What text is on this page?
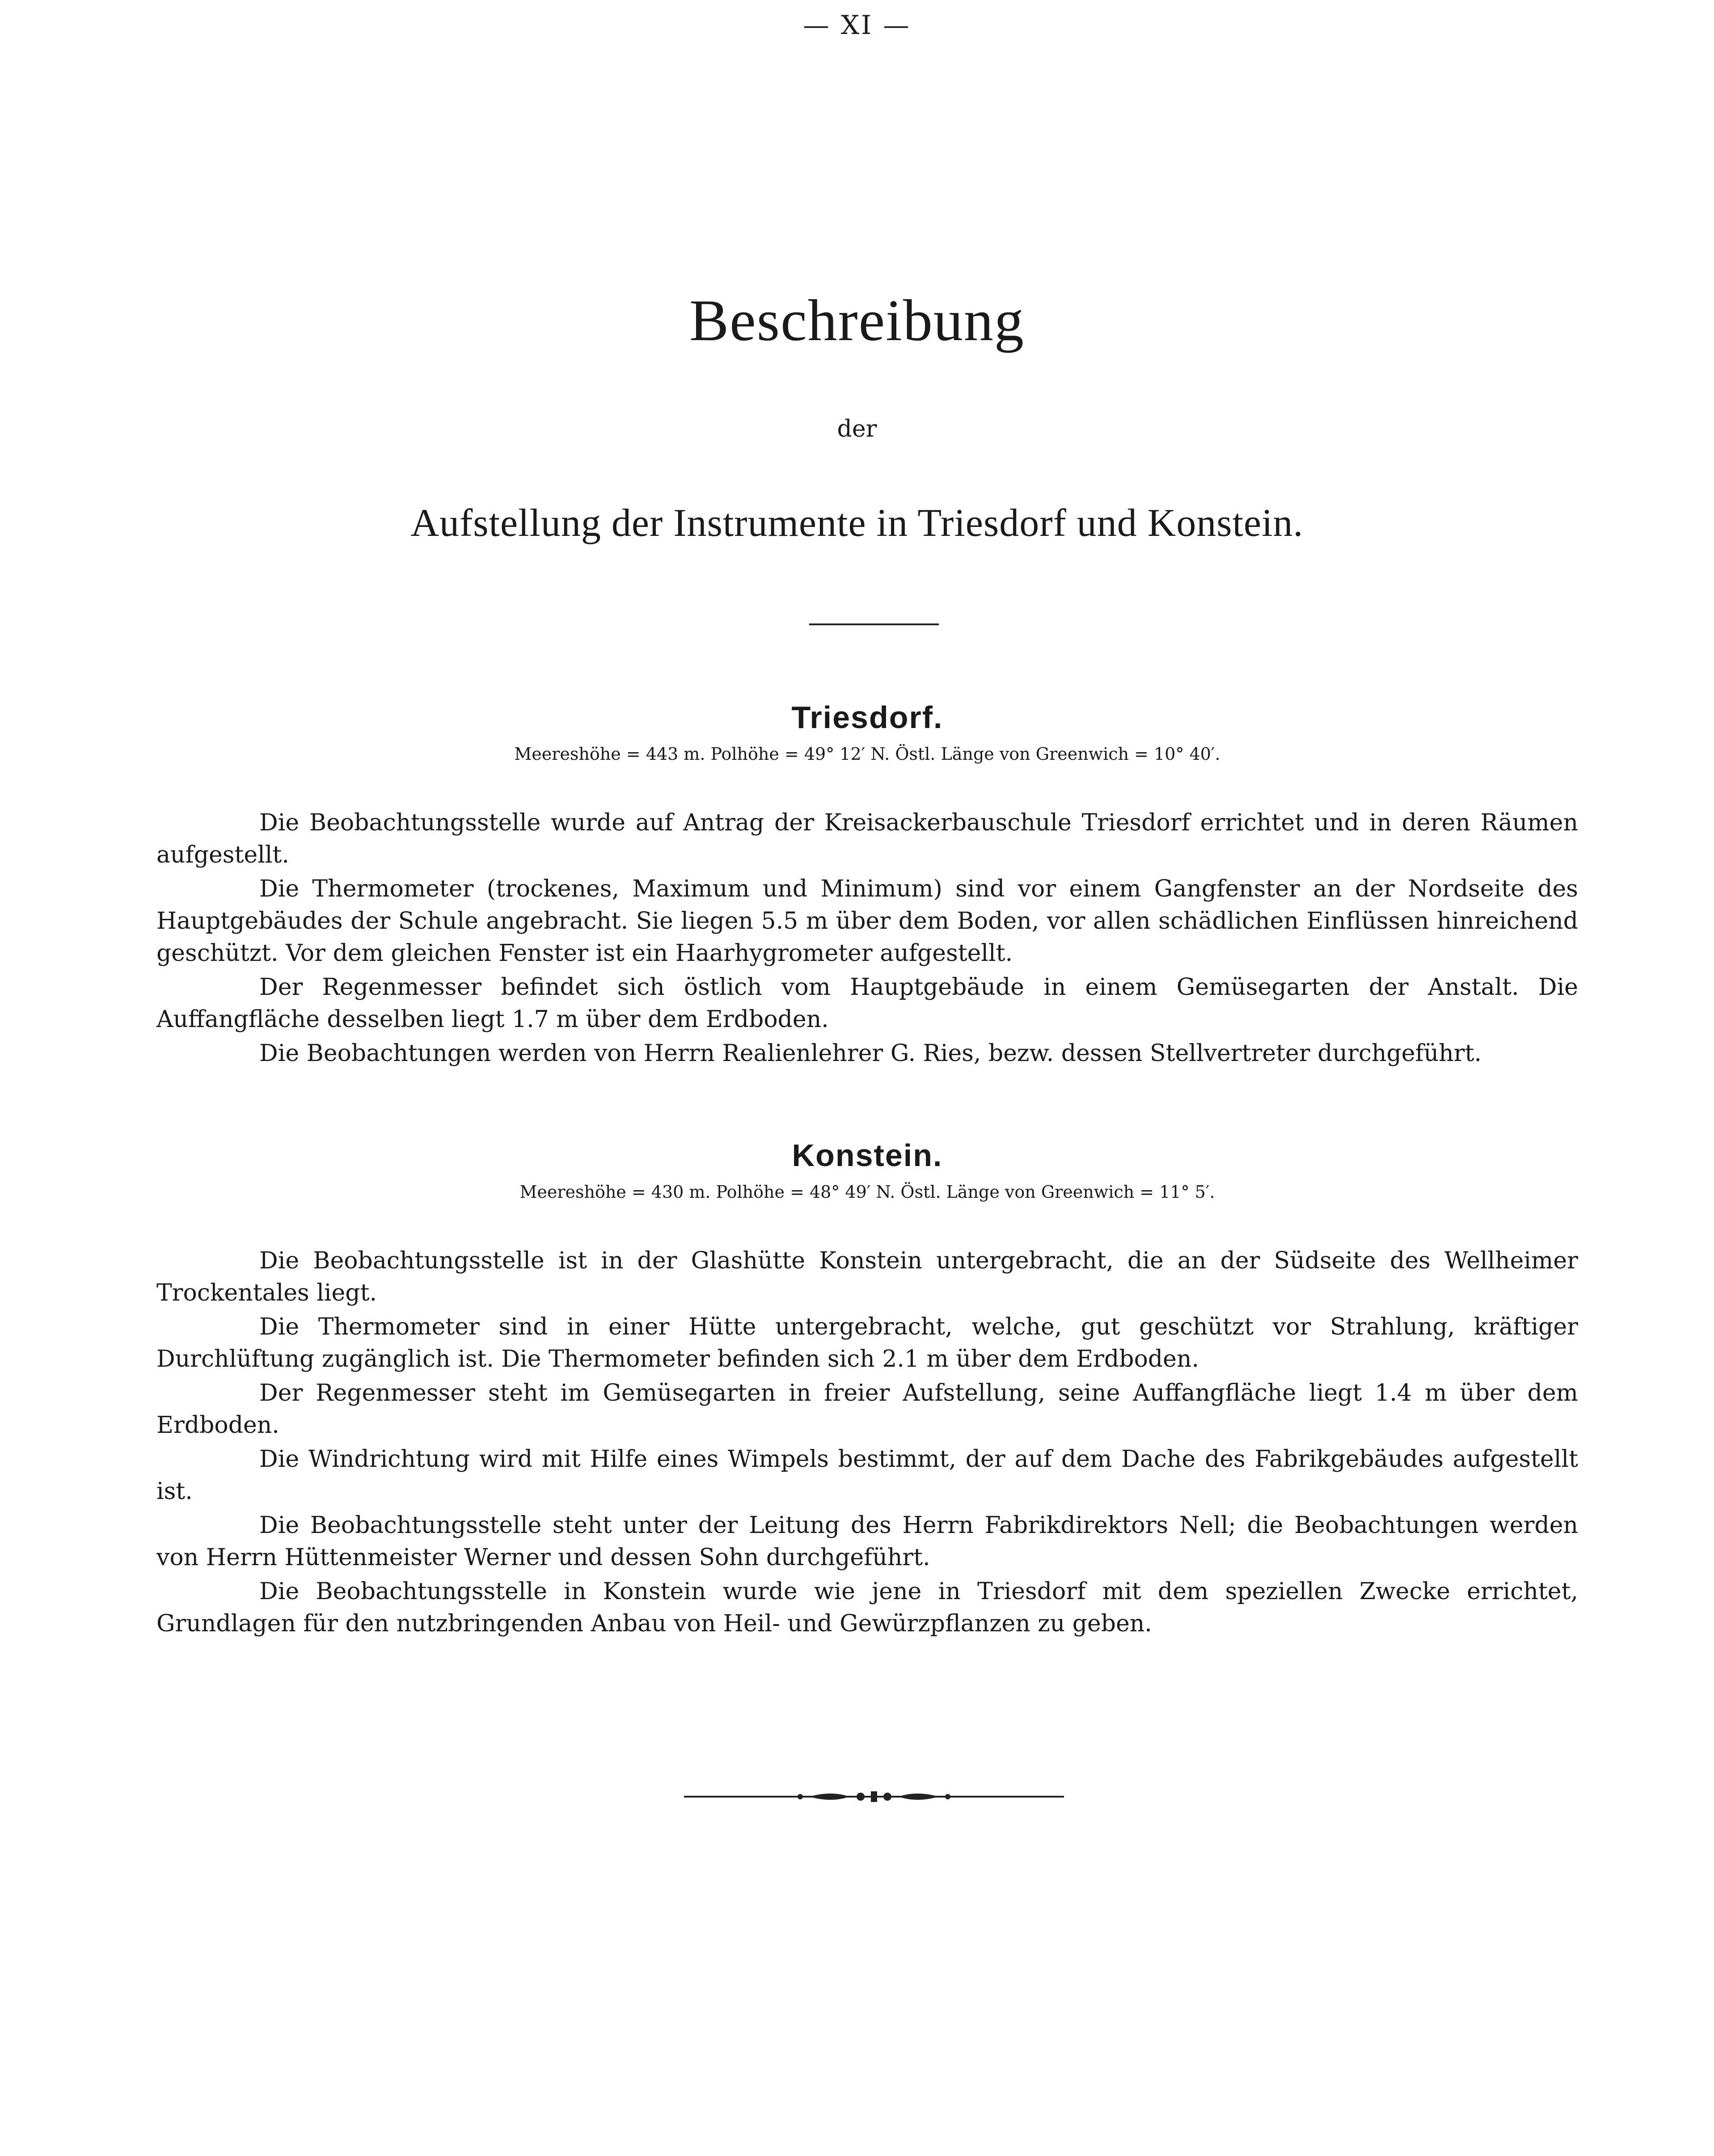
— XI —
Beschreibung
der
Aufstellung der Instrumente in Triesdorf und Konstein.
Triesdorf.

Meereshöhe = 443 m. Polhöhe = 49° 12′ N. Östl. Länge von Greenwich = 10° 40′.

Die Beobachtungsstelle wurde auf Antrag der Kreisackerbauschule Triesdorf errichtet und in deren Räumen aufgestellt.

Die Thermometer (trockenes, Maximum und Minimum) sind vor einem Gangfenster an der Nordseite des Hauptgebäudes der Schule angebracht. Sie liegen 5.5 m über dem Boden, vor allen schädlichen Einflüssen hinreichend geschützt. Vor dem gleichen Fenster ist ein Haarhygrometer aufgestellt.

Der Regenmesser befindet sich östlich vom Hauptgebäude in einem Gemüsegarten der Anstalt. Die Auffangfläche desselben liegt 1.7 m über dem Erdboden.

Die Beobachtungen werden von Herrn Realienlehrer G. Ries, bezw. dessen Stellvertreter durchgeführt.

Konstein.

Meereshöhe = 430 m. Polhöhe = 48° 49′ N. Östl. Länge von Greenwich = 11° 5′.

Die Beobachtungsstelle ist in der Glashütte Konstein untergebracht, die an der Südseite des Wellheimer Trockentales liegt.

Die Thermometer sind in einer Hütte untergebracht, welche, gut geschützt vor Strahlung, kräftiger Durchlüftung zugänglich ist. Die Thermometer befinden sich 2.1 m über dem Erdboden.

Der Regenmesser steht im Gemüsegarten in freier Aufstellung, seine Auffangfläche liegt 1.4 m über dem Erdboden.

Die Windrichtung wird mit Hilfe eines Wimpels bestimmt, der auf dem Dache des Fabrikgebäudes aufgestellt ist.

Die Beobachtungsstelle steht unter der Leitung des Herrn Fabrikdirektors Nell; die Beobachtungen werden von Herrn Hüttenmeister Werner und dessen Sohn durchgeführt.

Die Beobachtungsstelle in Konstein wurde wie jene in Triesdorf mit dem speziellen Zwecke errichtet, Grundlagen für den nutzbringenden Anbau von Heil- und Gewürzpflanzen zu geben.
